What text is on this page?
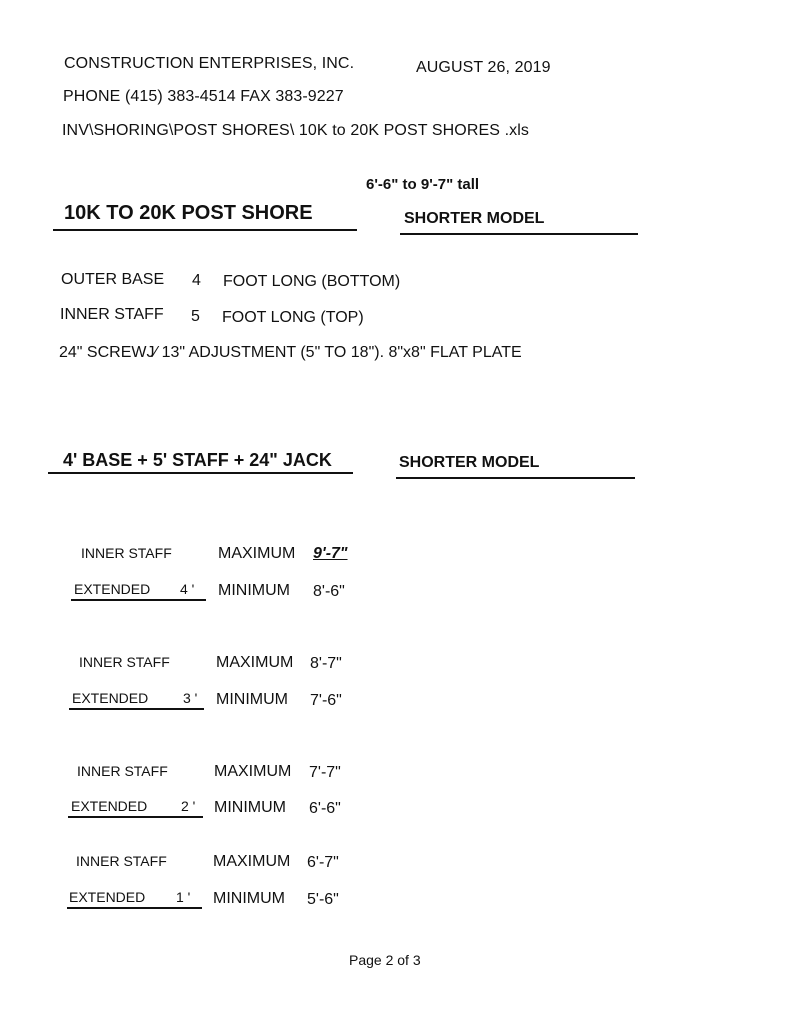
CONSTRUCTION ENTERPRISES, INC.	AUGUST 26, 2019
PHONE (415) 383-4514 FAX 383-9227
INV\SHORING\POST SHORES\ 10K to 20K POST SHORES .xls
6'-6" to 9'-7" tall
10K TO 20K POST SHORE	SHORTER MODEL
OUTER BASE 4 FOOT LONG (BOTTOM)
INNER STAFF 5 FOOT LONG (TOP)
24" SCREWJ⁄ 13" ADJUSTMENT (5" TO 18"). 8"x8" FLAT PLATE
4' BASE + 5' STAFF + 24" JACK	SHORTER MODEL
INNER STAFF	MAXIMUM 9'-7"
EXTENDED 4 ' MINIMUM 8'-6"
INNER STAFF	MAXIMUM 8'-7"
EXTENDED 3 ' MINIMUM 7'-6"
INNER STAFF	MAXIMUM 7'-7"
EXTENDED 2 ' MINIMUM 6'-6"
INNER STAFF	MAXIMUM 6'-7"
EXTENDED 1 ' MINIMUM 5'-6"
Page 2 of 3
